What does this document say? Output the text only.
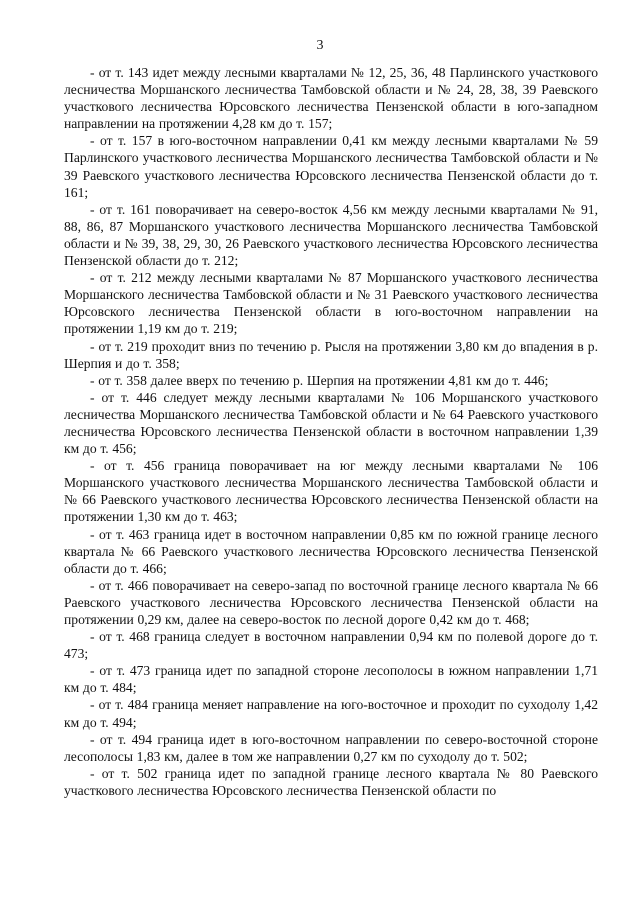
3

- от т. 143 идет между лесными кварталами № 12, 25, 36, 48 Парлинского участкового лесничества Моршанского лесничества Тамбовской области и № 24, 28, 38, 39 Раевского участкового лесничества Юрсовского лесничества Пензенской области в юго-западном направлении на протяжении 4,28 км до т. 157;

- от т. 157 в юго-восточном направлении 0,41 км между лесными кварталами № 59 Парлинского участкового лесничества Моршанского лесничества Тамбовской области и № 39 Раевского участкового лесничества Юрсовского лесничества Пензенской области до т. 161;

- от т. 161 поворачивает на северо-восток 4,56 км между лесными кварталами № 91, 88, 86, 87 Моршанского участкового лесничества Моршанского лесничества Тамбовской области и № 39, 38, 29, 30, 26 Раевского участкового лесничества Юрсовского лесничества Пензенской области до т. 212;

- от т. 212 между лесными кварталами № 87 Моршанского участкового лесничества Моршанского лесничества Тамбовской области и № 31 Раевского участкового лесничества Юрсовского лесничества Пензенской области в юго-восточном направлении на протяжении 1,19 км до т. 219;

- от т. 219 проходит вниз по течению р. Рысля на протяжении 3,80 км до впадения в р. Шерпия и до т. 358;

- от т. 358 далее вверх по течению р. Шерпия на протяжении 4,81 км до т. 446;

- от т. 446 следует между лесными кварталами № 106 Моршанского участкового лесничества Моршанского лесничества Тамбовской области и № 64 Раевского участкового лесничества Юрсовского лесничества Пензенской области в восточном направлении 1,39 км до т. 456;

- от т. 456 граница поворачивает на юг между лесными кварталами № 106 Моршанского участкового лесничества Моршанского лесничества Тамбовской области и № 66 Раевского участкового лесничества Юрсовского лесничества Пензенской области на протяжении 1,30 км до т. 463;

- от т. 463 граница идет в восточном направлении 0,85 км по южной границе лесного квартала № 66 Раевского участкового лесничества Юрсовского лесничества Пензенской области до т. 466;

- от т. 466 поворачивает на северо-запад по восточной границе лесного квартала № 66 Раевского участкового лесничества Юрсовского лесничества Пензенской области на протяжении 0,29 км, далее на северо-восток по лесной дороге 0,42 км до т. 468;

- от т. 468 граница следует в восточном направлении 0,94 км по полевой дороге до т. 473;

- от т. 473 граница идет по западной стороне лесополосы в южном направлении 1,71 км до т. 484;

- от т. 484 граница меняет направление на юго-восточное и проходит по суходолу 1,42 км до т. 494;

- от т. 494 граница идет в юго-восточном направлении по северо-восточной стороне лесополосы 1,83 км, далее в том же направлении 0,27 км по суходолу до т. 502;

- от т. 502 граница идет по западной границе лесного квартала № 80 Раевского участкового лесничества Юрсовского лесничества Пензенской области по
